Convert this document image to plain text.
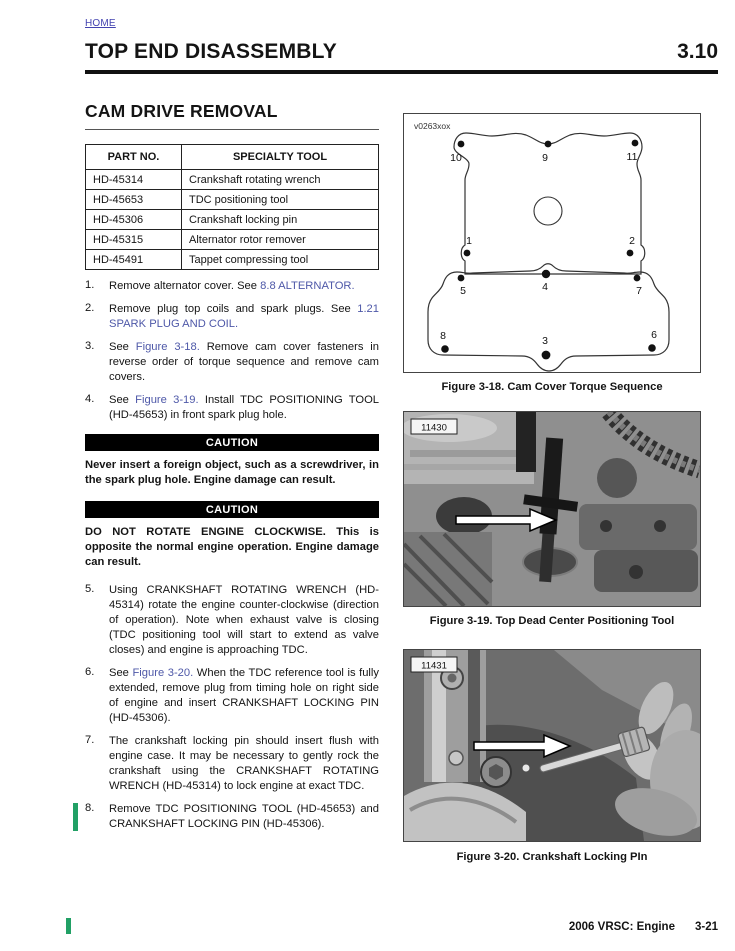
HOME
TOP END DISASSEMBLY	3.10
CAM DRIVE REMOVAL
PART NO.	SPECIALTY TOOL
HD-45314	Crankshaft rotating wrench
HD-45653	TDC positioning tool
HD-45306	Crankshaft locking pin
HD-45315	Alternator rotor remover
HD-45491	Tappet compressing tool
1.	Remove alternator cover. See 8.8 ALTERNATOR.
2.	Remove plug top coils and spark plugs. See 1.21 SPARK PLUG AND COIL.
3.	See Figure 3-18. Remove cam cover fasteners in reverse order of torque sequence and remove cam covers.
4.	See Figure 3-19. Install TDC POSITIONING TOOL (HD-45653) in front spark plug hole.
CAUTION
Never insert a foreign object, such as a screwdriver, in the spark plug hole. Engine damage can result.
CAUTION
DO NOT ROTATE ENGINE CLOCKWISE. This is opposite the normal engine operation. Engine damage can result.
5.	Using CRANKSHAFT ROTATING WRENCH (HD-45314) rotate the engine counter-clockwise (direction of operation). Note when exhaust valve is closing (TDC positioning tool will start to extend as valve closes) and engine is approaching TDC.
6.	See Figure 3-20. When the TDC reference tool is fully extended, remove plug from timing hole on right side of engine and insert CRANKSHAFT LOCKING PIN (HD-45306).
7.	The crankshaft locking pin should insert flush with engine case. It may be necessary to gently rock the crankshaft using the CRANKSHAFT ROTATING WRENCH (HD-45314) to lock engine at exact TDC.
8.	Remove TDC POSITIONING TOOL (HD-45653) and CRANKSHAFT LOCKING PIN (HD-45306).
v0263xox
10	9	11
1	2
5	4	7
8	3	6
Figure 3-18. Cam Cover Torque Sequence
11430
Figure 3-19. Top Dead Center Positioning Tool
11431
Figure 3-20. Crankshaft Locking PIn
2006 VRSC: Engine 3-21
